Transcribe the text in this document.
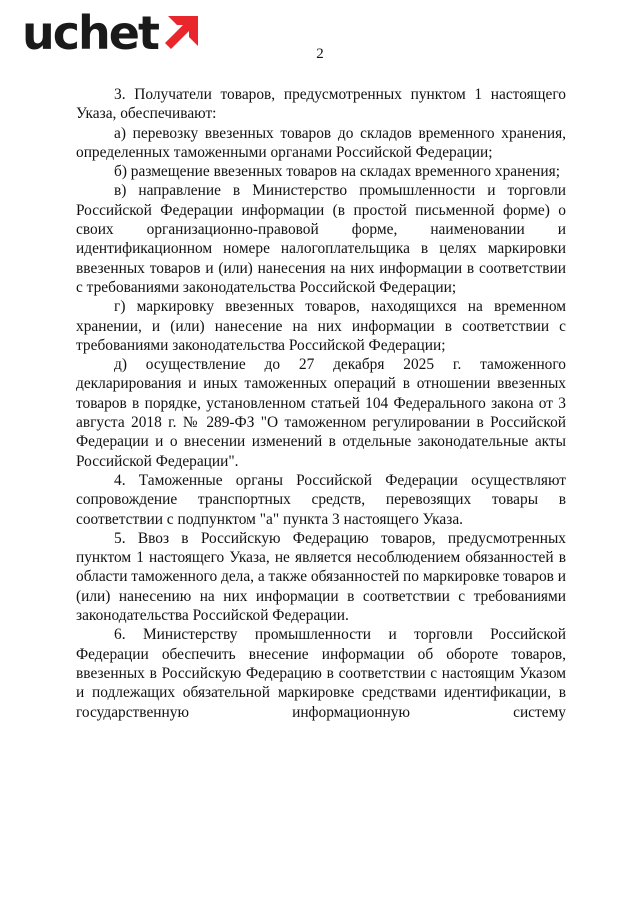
uchet	2

3. Получатели товаров, предусмотренных пунктом 1 настоящего Указа, обеспечивают:

а) перевозку ввезенных товаров до складов временного хранения, определенных таможенными органами Российской Федерации;

б) размещение ввезенных товаров на складах временного хранения;

в) направление в Министерство промышленности и торговли Российской Федерации информации (в простой письменной форме) о своих организационно-правовой форме, наименовании и идентификационном номере налогоплательщика в целях маркировки ввезенных товаров и (или) нанесения на них информации в соответствии с требованиями законодательства Российской Федерации;

г) маркировку ввезенных товаров, находящихся на временном хранении, и (или) нанесение на них информации в соответствии с требованиями законодательства Российской Федерации;

д) осуществление до 27 декабря 2025 г. таможенного декларирования и иных таможенных операций в отношении ввезенных товаров в порядке, установленном статьей 104 Федерального закона от 3 августа 2018 г. № 289-ФЗ "О таможенном регулировании в Российской Федерации и о внесении изменений в отдельные законодательные акты Российской Федерации".

4. Таможенные органы Российской Федерации осуществляют сопровождение транспортных средств, перевозящих товары в соответствии с подпунктом "а" пункта 3 настоящего Указа.

5. Ввоз в Российскую Федерацию товаров, предусмотренных пунктом 1 настоящего Указа, не является несоблюдением обязанностей в области таможенного дела, а также обязанностей по маркировке товаров и (или) нанесению на них информации в соответствии с требованиями законодательства Российской Федерации.

6. Министерству промышленности и торговли Российской Федерации обеспечить внесение информации об обороте товаров, ввезенных в Российскую Федерацию в соответствии с настоящим Указом и подлежащих обязательной маркировке средствами идентификации, в государственную информационную систему
